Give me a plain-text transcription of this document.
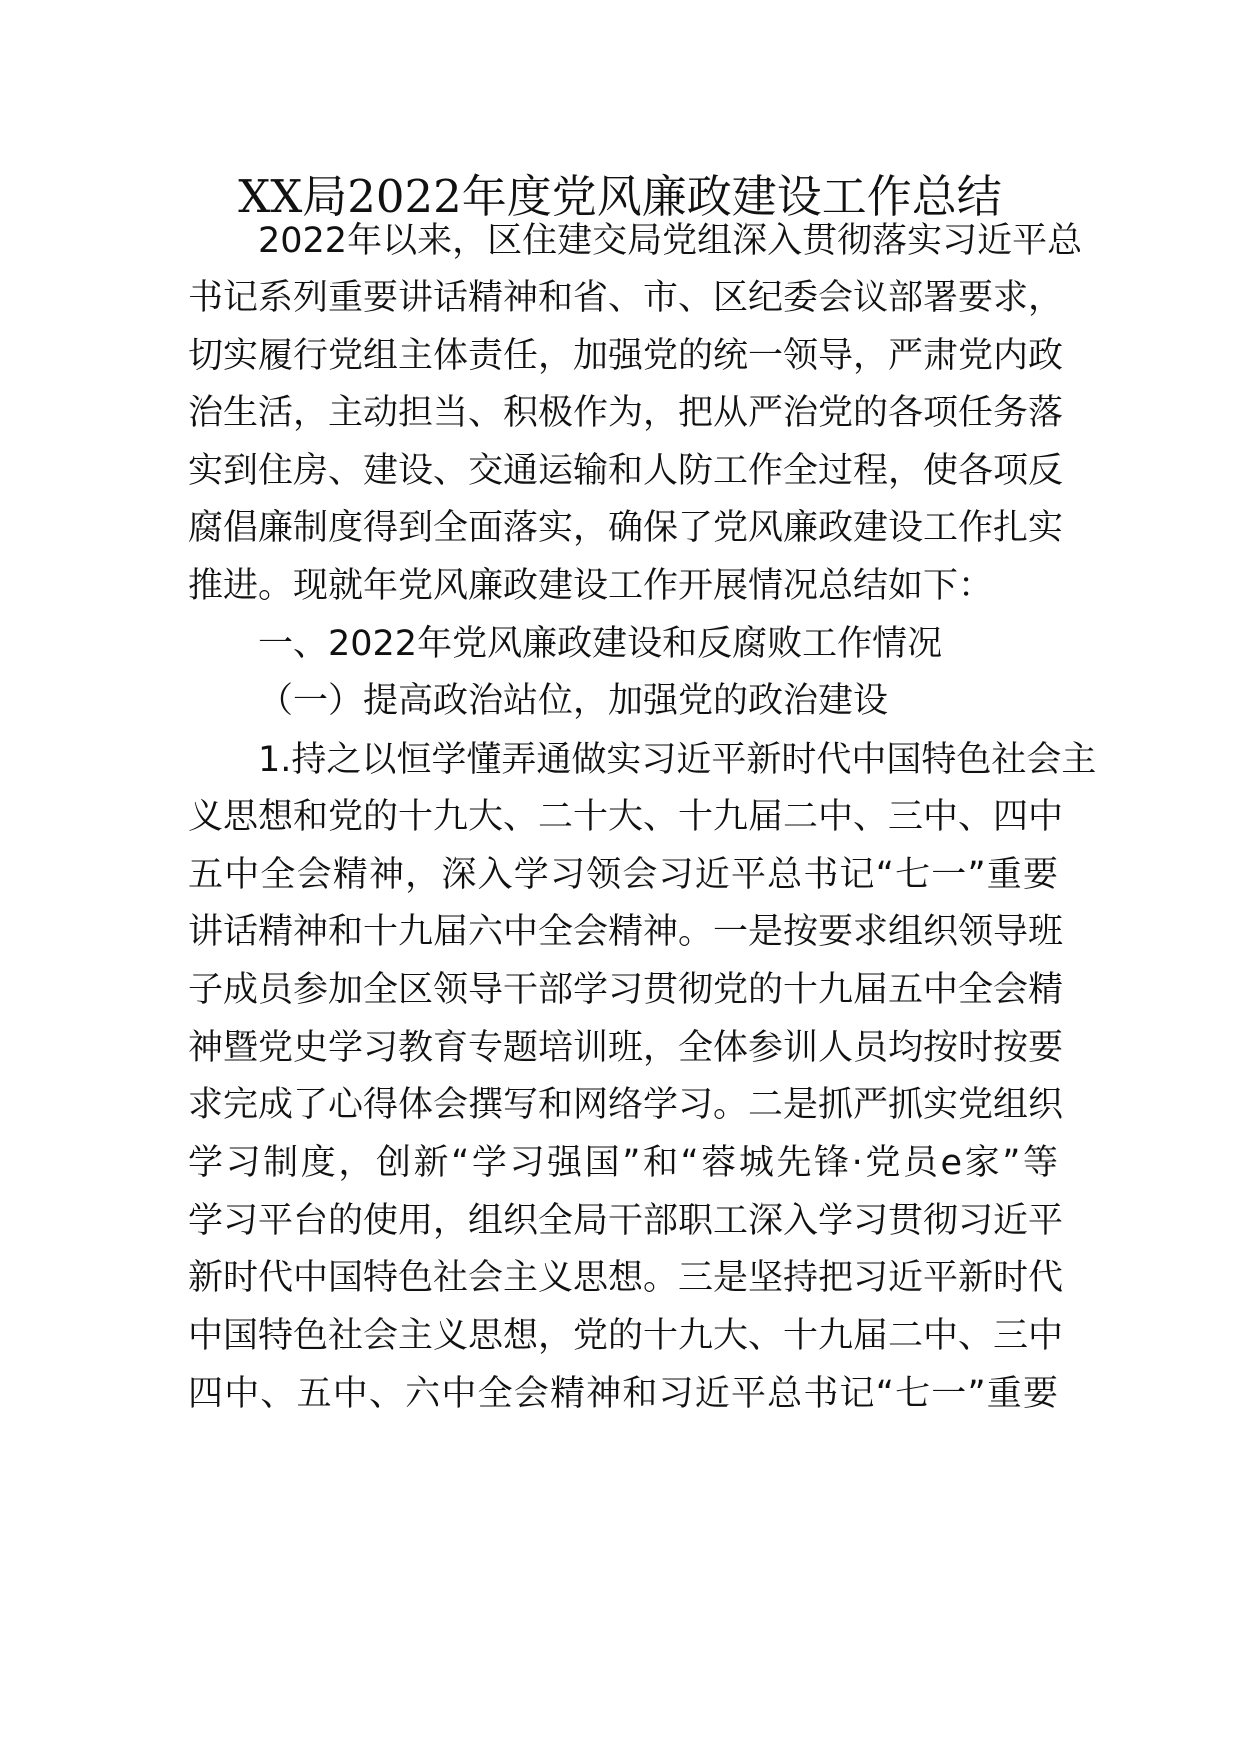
XX局2022年度党风廉政建设工作总结
2022年以来，区住建交局党组深入贯彻落实习近平总
书记系列重要讲话精神和省、市、区纪委会议部署要求，
切实履行党组主体责任，加强党的统一领导，严肃党内政
治生活，主动担当、积极作为，把从严治党的各项任务落
实到住房、建设、交通运输和人防工作全过程，使各项反
腐倡廉制度得到全面落实，确保了党风廉政建设工作扎实
推进。现就年党风廉政建设工作开展情况总结如下：
一、2022年党风廉政建设和反腐败工作情况
（一）提高政治站位，加强党的政治建设
1.持之以恒学懂弄通做实习近平新时代中国特色社会主
义思想和党的十九大、二十大、十九届二中、三中、四中
五中全会精神，深入学习领会习近平总书记“七一”重要
讲话精神和十九届六中全会精神。一是按要求组织领导班
子成员参加全区领导干部学习贯彻党的十九届五中全会精
神暨党史学习教育专题培训班，全体参训人员均按时按要
求完成了心得体会撰写和网络学习。二是抓严抓实党组织
学习制度，创新“学习强国”和“蓉城先锋·党员e家”等
学习平台的使用，组织全局干部职工深入学习贯彻习近平
新时代中国特色社会主义思想。三是坚持把习近平新时代
中国特色社会主义思想，党的十九大、十九届二中、三中
四中、五中、六中全会精神和习近平总书记“七一”重要
